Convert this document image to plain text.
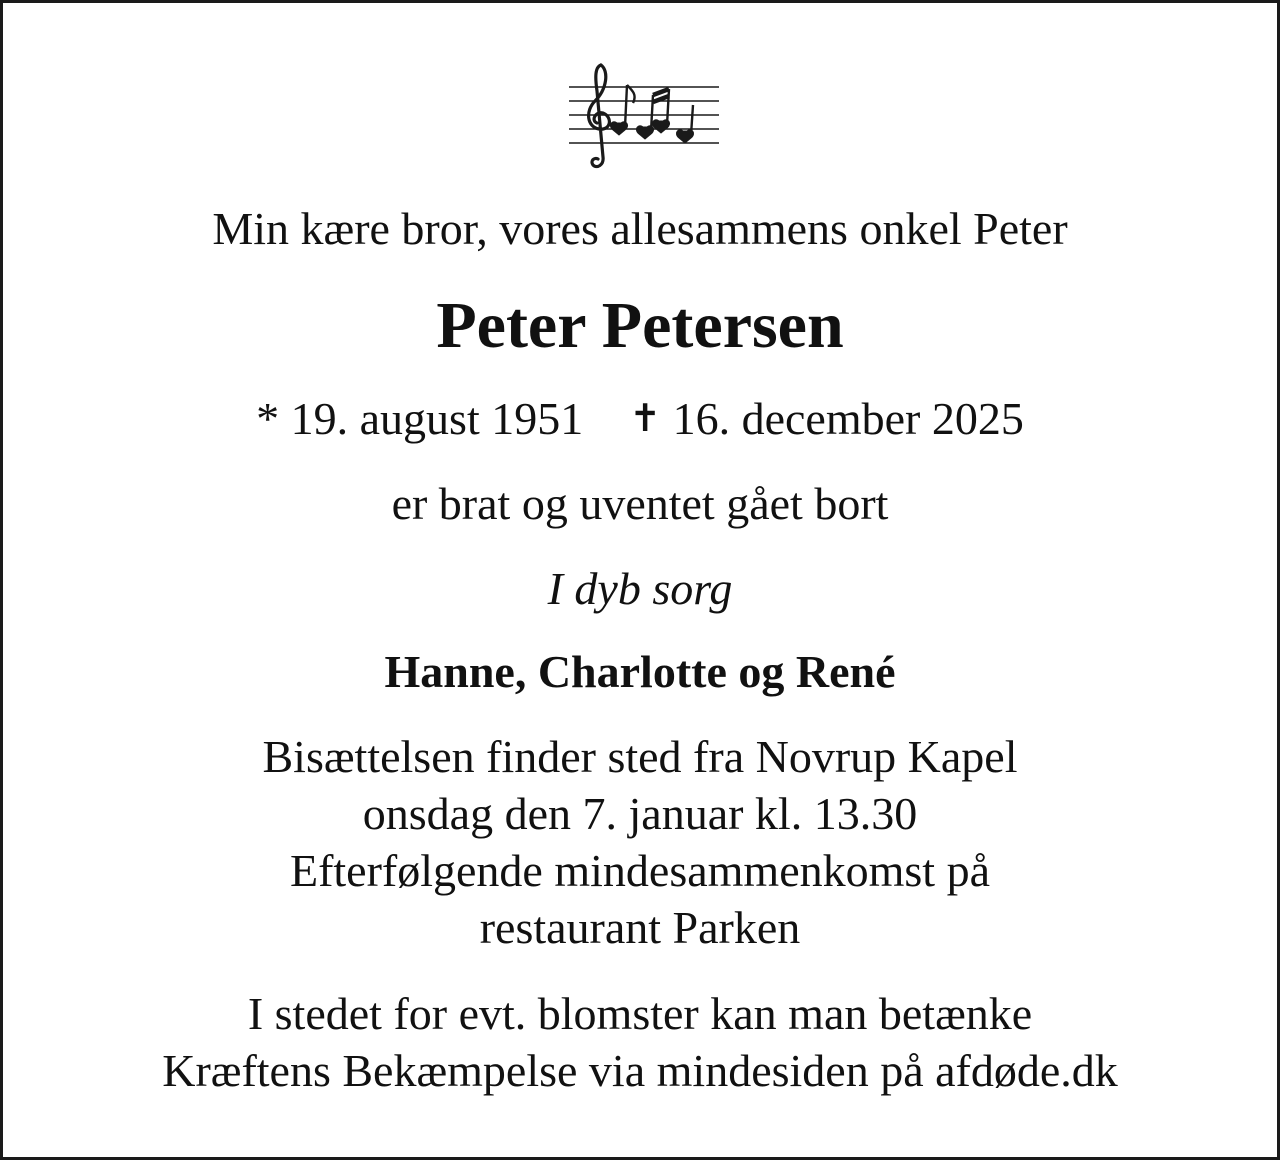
Min kære bror, vores allesammens onkel Peter
Peter Petersen
* 19. august 1951 ✝ 16. december 2025
er brat og uventet gået bort
I dyb sorg
Hanne, Charlotte og René
Bisættelsen finder sted fra Novrup Kapel
onsdag den 7. januar kl. 13.30
Efterfølgende mindesammenkomst på
restaurant Parken
I stedet for evt. blomster kan man betænke
Kræftens Bekæmpelse via mindesiden på afdøde.dk
